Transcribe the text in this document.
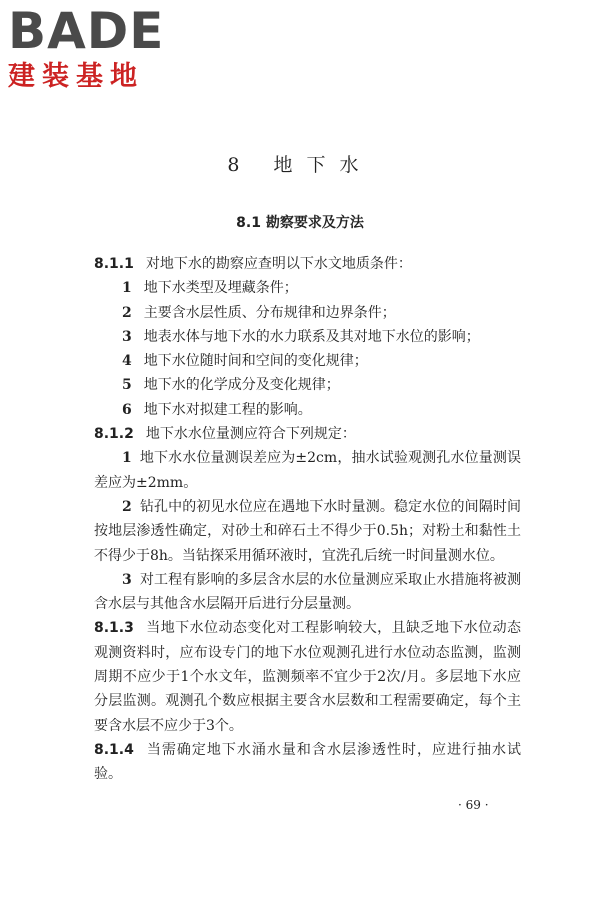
BADE
建装基地
8 地下水
8.1 勘察要求及方法
8.1.1 对地下水的勘察应查明以下水文地质条件：
1 地下水类型及埋藏条件；
2 主要含水层性质、分布规律和边界条件；
3 地表水体与地下水的水力联系及其对地下水位的影响；
4 地下水位随时间和空间的变化规律；
5 地下水的化学成分及变化规律；
6 地下水对拟建工程的影响。
8.1.2 地下水水位量测应符合下列规定：
1 地下水水位量测误差应为±2cm，抽水试验观测孔水位量测误差应为±2mm。
2 钻孔中的初见水位应在遇地下水时量测。稳定水位的间隔时间按地层渗透性确定，对砂土和碎石土不得少于0.5h；对粉土和黏性土不得少于8h。当钻探采用循环液时，宜洗孔后统一时间量测水位。
3 对工程有影响的多层含水层的水位量测应采取止水措施将被测含水层与其他含水层隔开后进行分层量测。
8.1.3 当地下水位动态变化对工程影响较大，且缺乏地下水位动态观测资料时，应布设专门的地下水位观测孔进行水位动态监测，监测周期不应少于1个水文年，监测频率不宜少于2次/月。多层地下水应分层监测。观测孔个数应根据主要含水层数和工程需要确定，每个主要含水层不应少于3个。
8.1.4 当需确定地下水涌水量和含水层渗透性时，应进行抽水试验。
· 69 ·
